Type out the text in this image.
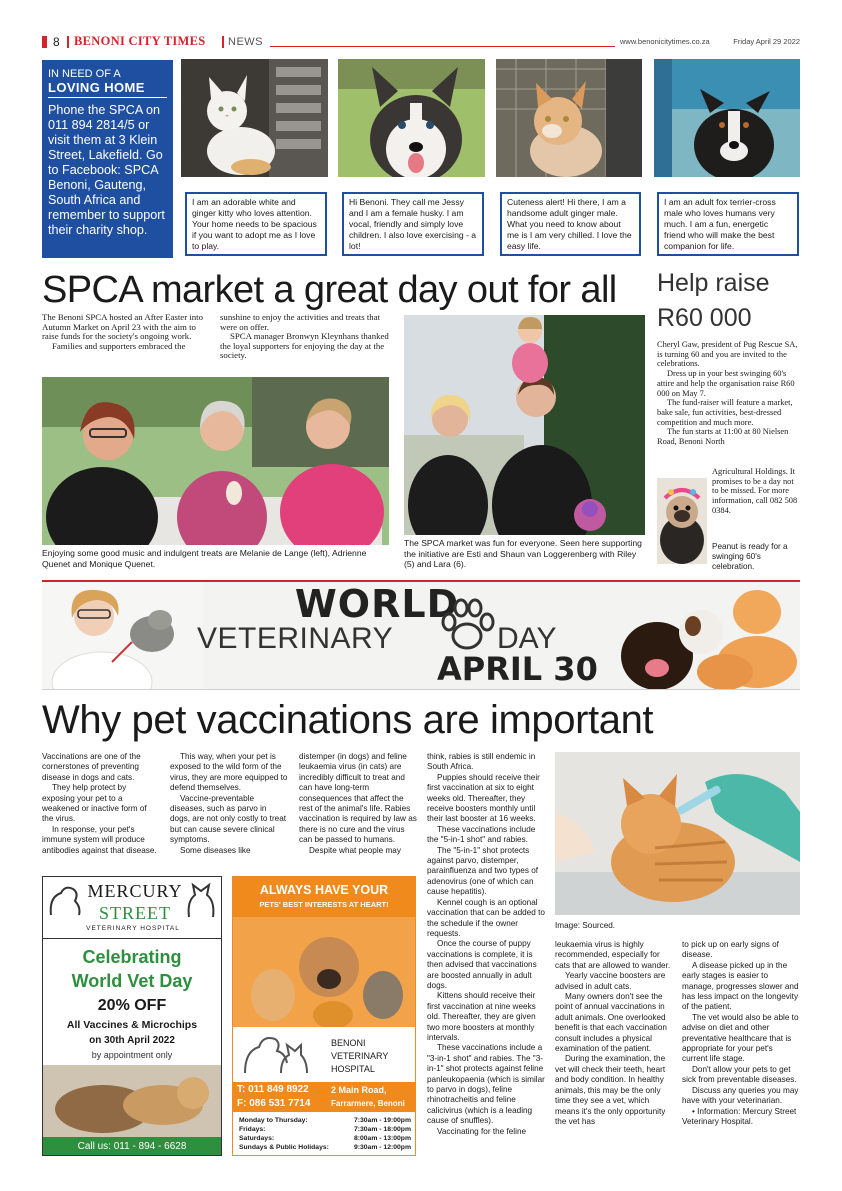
8 BENONI CITY TIMES NEWS	www.benonicitytimes.co.za	Friday April 29 2022
IN NEED OF A
LOVING HOME
Phone the SPCA on 011 894 2814/5 or visit them at 3 Klein Street, Lakefield. Go to Facebook: SPCA Benoni, Gauteng, South Africa and remember to support their charity shop.
I am an adorable white and ginger kitty who loves attention. Your home needs to be spacious if you want to adopt me as I love to play.
Hi Benoni. They call me Jessy and I am a female husky. I am vocal, friendly and simply love children. I also love exercising - a lot!
Cuteness alert! Hi there, I am a handsome adult ginger male. What you need to know about me is I am very chilled. I love the easy life.
I am an adult fox terrier-cross male who loves humans very much. I am a fun, energetic friend who will make the best companion for life.
SPCA market a great day out for all

The Benoni SPCA hosted an After Easter into Autumn Market on April 23 with the aim to raise funds for the society's ongoing work.

Families and supporters embraced the

sunshine to enjoy the activities and treats that were on offer.

SPCA manager Bronwyn Kleynhans thanked the loyal supporters for enjoying the day at the society.

Enjoying some good music and indulgent treats are Melanie de Lange (left), Adrienne Quenet and Monique Quenet.
The SPCA market was fun for everyone. Seen here supporting the initiative are Esti and Shaun van Loggerenberg with Riley (5) and Lara (6).
Help raise
R60 000

Cheryl Gaw, president of Pug Rescue SA, is turning 60 and you are invited to the celebrations.

Dress up in your best swinging 60's attire and help the organisation raise R60 000 on May 7.

The fund-raiser will feature a market, bake sale, fun activities, best-dressed competition and much more.

The fun starts at 11:00 at 80 Nielsen Road, Benoni North

Agricultural Holdings. It promises to be a day not to be missed. For more information, call 082 508 0384.
Peanut is ready for a swinging 60's celebration.
WORLD
VETERINARY	DAY
APRIL 30
Why pet vaccinations are important

Vaccinations are one of the cornerstones of preventing disease in dogs and cats.

They help protect by exposing your pet to a weakened or inactive form of the virus.

In response, your pet's immune system will produce antibodies against that disease.

This way, when your pet is exposed to the wild form of the virus, they are more equipped to defend themselves.

Vaccine-preventable diseases, such as parvo in dogs, are not only costly to treat but can cause severe clinical symptoms.

Some diseases like

distemper (in dogs) and feline leukaemia virus (in cats) are incredibly difficult to treat and can have long-term consequences that affect the rest of the animal's life. Rabies vaccination is required by law as there is no cure and the virus can be passed to humans.

Despite what people may

think, rabies is still endemic in South Africa.

Puppies should receive their first vaccination at six to eight weeks old. Thereafter, they receive boosters monthly until their last booster at 16 weeks.

These vaccinations include the "5-in-1 shot" and rabies.

The "5-in-1" shot protects against parvo, distemper, parainfluenza and two types of adenovirus (one of which can cause hepatitis).

Kennel cough is an optional vaccination that can be added to the schedule if the owner requests.

Once the course of puppy vaccinations is complete, it is then advised that vaccinations are boosted annually in adult dogs.

Kittens should receive their first vaccination at nine weeks old. Thereafter, they are given two more boosters at monthly intervals.

These vaccinations include a "3-in-1 shot" and rabies. The "3-in-1" shot protects against feline panleukopaenia (which is similar to parvo in dogs), feline rhinotracheitis and feline calicivirus (which is a leading cause of snuffles).

Vaccinating for the feline

Image: Sourced.

leukaemia virus is highly recommended, especially for cats that are allowed to wander.

Yearly vaccine boosters are advised in adult cats.

Many owners don't see the point of annual vaccinations in adult animals. One overlooked benefit is that each vaccination consult includes a physical examination of the patient.

During the examination, the vet will check their teeth, heart and body condition. In healthy animals, this may be the only time they see a vet, which means it's the only opportunity the vet has

to pick up on early signs of disease.

A disease picked up in the early stages is easier to manage, progresses slower and has less impact on the longevity of the patient.

The vet would also be able to advise on diet and other preventative healthcare that is appropriate for your pet's current life stage.

Don't allow your pets to get sick from preventable diseases.

Discuss any queries you may have with your veterinarian.

• Information: Mercury Street Veterinary Hospital.

MERCURY
STREET
VETERINARY HOSPITAL
Celebrating
World Vet Day
20% OFF
All Vaccines & Microchips
on 30th April 2022
by appointment only
Call us: 011 - 894 - 6628
ALWAYS HAVE YOUR
PETS' BEST INTERESTS AT HEART!
BENONI VETERINARY HOSPITAL
T: 011 849 8922
F: 086 531 7714
2 Main Road,
Farrarmere, Benoni
Monday to Thursday:	7:30am - 19:00pm
Fridays:	7:30am - 18:00pm
Saturdays:	8:00am - 13:00pm
Sundays & Public Holidays:	9:30am - 12:00pm
